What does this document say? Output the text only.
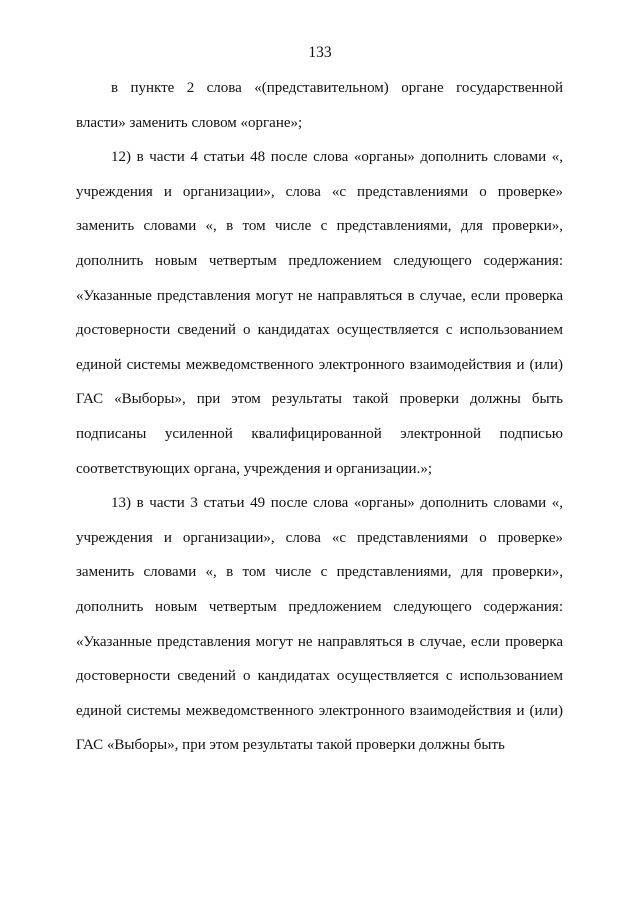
133

в пункте 2 слова «(представительном) органе государственной власти» заменить словом «органе»;

12) в части 4 статьи 48 после слова «органы» дополнить словами «, учреждения и организации», слова «с представлениями о проверке» заменить словами «, в том числе с представлениями, для проверки», дополнить новым четвертым предложением следующего содержания: «Указанные представления могут не направляться в случае, если проверка достоверности сведений о кандидатах осуществляется с использованием единой системы межведомственного электронного взаимодействия и (или) ГАС «Выборы», при этом результаты такой проверки должны быть подписаны усиленной квалифицированной электронной подписью соответствующих органа, учреждения и организации.»;

13) в части 3 статьи 49 после слова «органы» дополнить словами «, учреждения и организации», слова «с представлениями о проверке» заменить словами «, в том числе с представлениями, для проверки», дополнить новым четвертым предложением следующего содержания: «Указанные представления могут не направляться в случае, если проверка достоверности сведений о кандидатах осуществляется с использованием единой системы межведомственного электронного взаимодействия и (или) ГАС «Выборы», при этом результаты такой проверки должны быть
